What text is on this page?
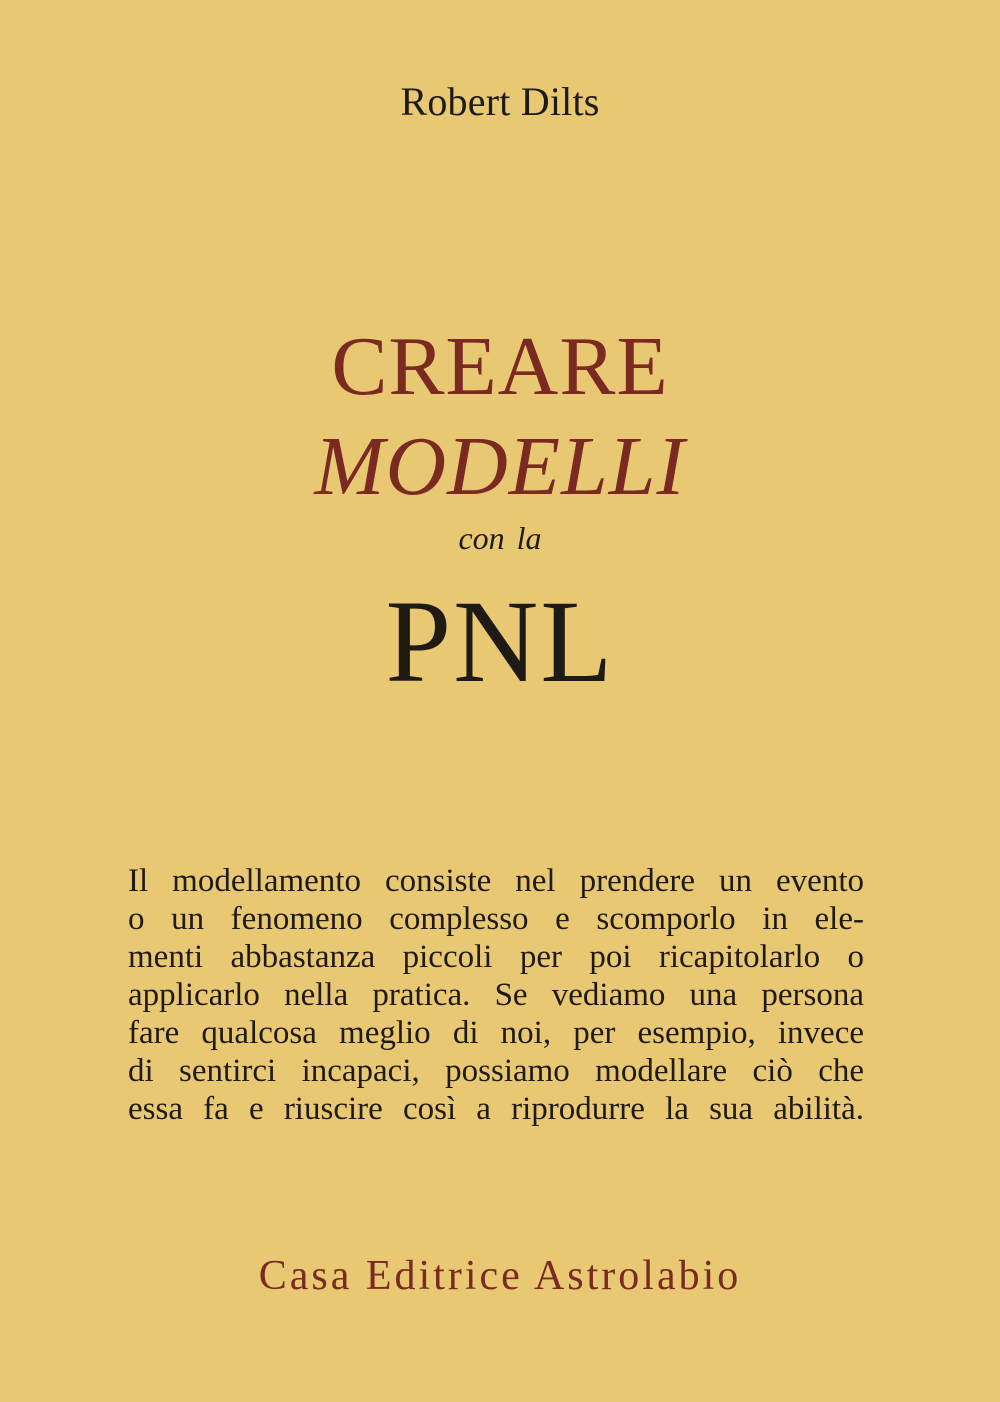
Robert Dilts
CREARE
MODELLI
con la
PNL
Il modellamento consiste nel prendere un evento
o un fenomeno complesso e scomporlo in ele-
menti abbastanza piccoli per poi ricapitolarlo o
applicarlo nella pratica. Se vediamo una persona
fare qualcosa meglio di noi, per esempio, invece
di sentirci incapaci, possiamo modellare ciò che
essa fa e riuscire così a riprodurre la sua abilità.
Casa Editrice Astrolabio
